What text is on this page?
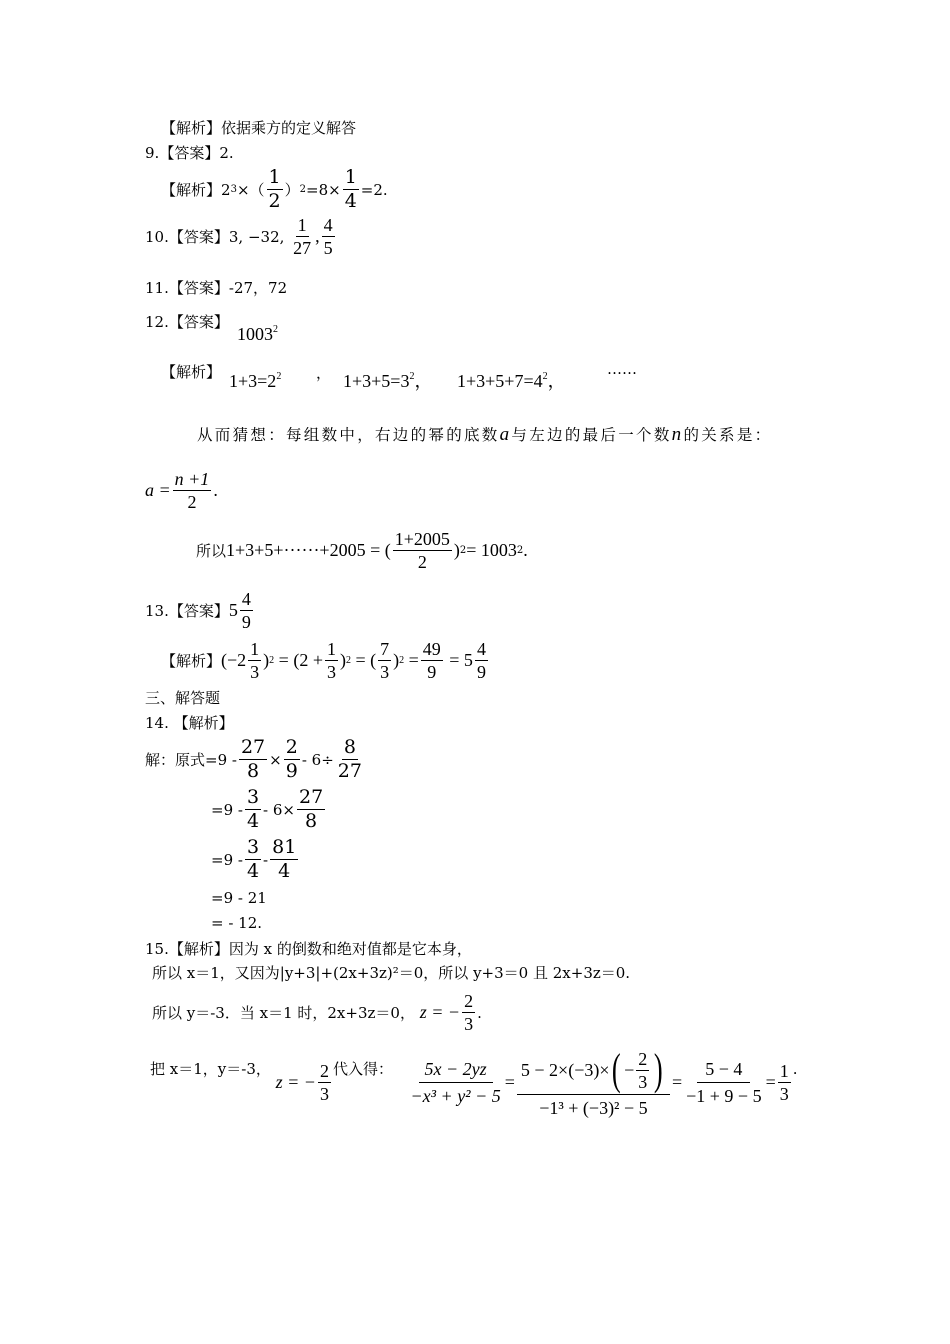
【解析】依据乘方的定义解答
9.【答案】2.
【解析】 2 3 × （ $\frac{1}{2}$ ） $2 =8\times \frac{1}{4} =2$.
10. 【答案】 3, −32,
$\frac{1}{27}$ , $\frac{4}{5}$
11.【答案】-27，72
12.【答案】
1003$^2$
【解析】 $1+3=2^2$ ， $1+3+5=3^2$， $1+3+5+7=4^2$，
……
从而猜想：每组数中，右边的幂的底数a与左边的最后一个数n的关系是：
$a = \frac{n +1}{2}$ .
所以 1+3+5+······+2005 = ( $\frac{1+2005}{2}$ ) 2 = 1003 2 .
13. 【答案】 $5 \frac{4}{9}$
【解析】 ($-2 \frac{1}{3}$ ) 2
= ($2 + \frac{1}{3}$ ) 2
= ( $\frac{7}{3}$ ) 2
= $\frac{49}{9}$
= $5 \frac{4}{9}$
三、解答题
14. 【解析】
解：原式$=9 - \frac{27}{8} \times \frac{2}{9} - 6\div \frac{8}{27}$
$=9 - \frac{3}{4} - 6\times \frac{27}{8}$
$=9 - \frac{3}{4} - \frac{81}{4}$
=9 - 21
= - 12.
15.【解析】因为 x 的倒数和绝对值都是它本身，
所以 x＝1，又因为|y+3|+(2x+3z)²＝0，所以 y+3＝0 且 2x+3z＝0.
所以 y＝-3．当 x＝1 时，2x+3z＝0，
z = − $\frac{2}{3}$ .
把 x＝1，y＝-3，

z = − $\frac{2}{3}$ 代入得：
$\frac{5x - 2yz}{\text{−x³ + y² − 5}} = \frac{5 - 2\times(-3)\times ( - \frac{2}{3} )}{\text{−1³ + (−3)² − 5}} = \frac{5 - 4}{-1 + 9 - 5} = \frac{1}{3}$ .
